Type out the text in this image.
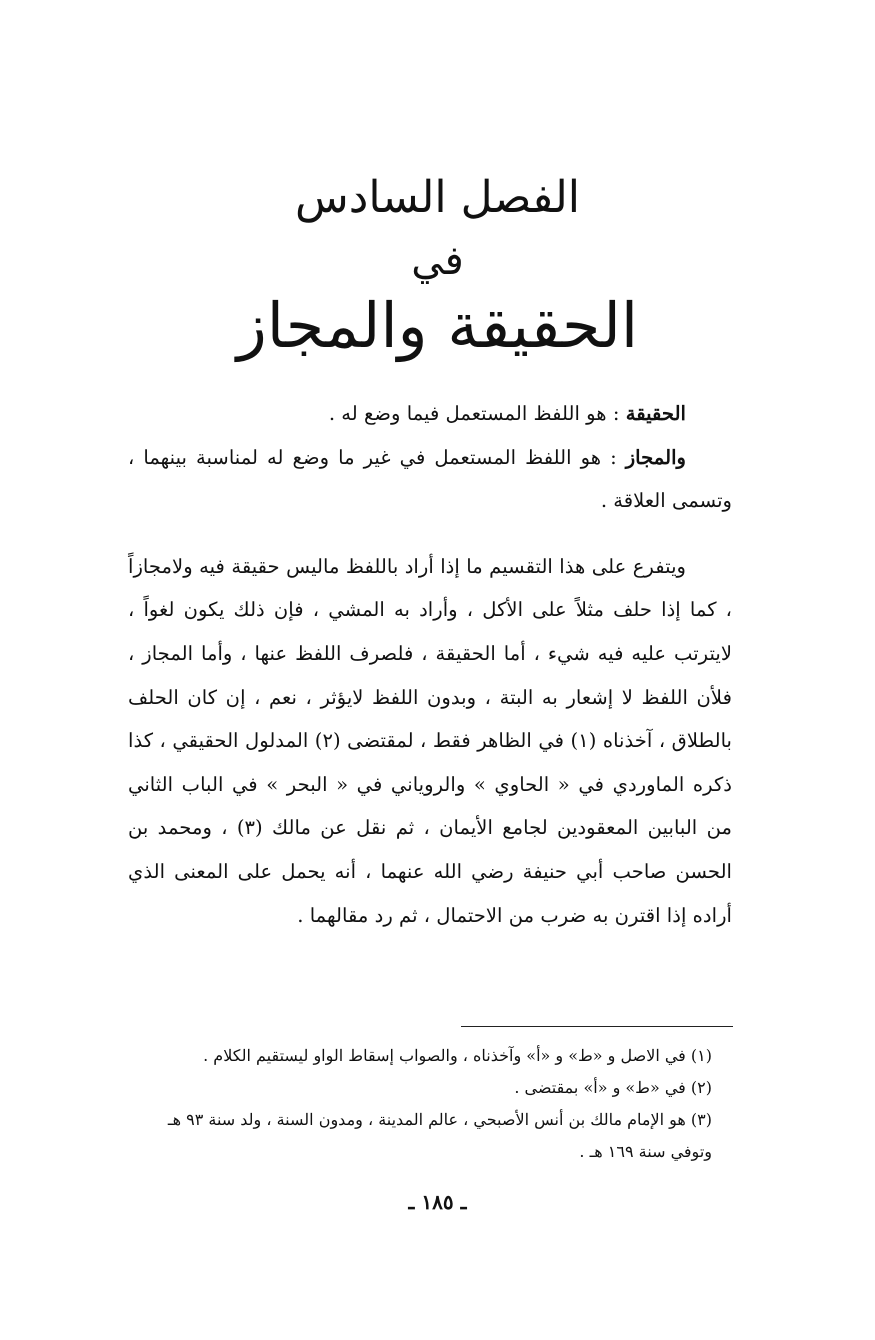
الفصل السادس
في
الحقيقة والمجاز

الحقيقة : هو اللفظ المستعمل فيما وضع له .

والمجاز : هو اللفظ المستعمل في غير ما وضع له لمناسبة بينهما ، وتسمى العلاقة .

ويتفرع على هذا التقسيم ما إذا أراد باللفظ ماليس حقيقة فيه ولامجازاً ، كما إذا حلف مثلاً على الأكل ، وأراد به المشي ، فإن ذلك يكون لغواً ، لايترتب عليه فيه شيء ، أما الحقيقة ، فلصرف اللفظ عنها ، وأما المجاز ، فلأن اللفظ لا إشعار به البتة ، وبدون اللفظ لايؤثر ، نعم ، إن كان الحلف بالطلاق ، آخذناه (١) في الظاهر فقط ، لمقتضى (٢) المدلول الحقيقي ، كذا ذكره الماوردي في « الحاوي » والروياني في « البحر » في الباب الثاني من البابين المعقودين لجامع الأيمان ، ثم نقل عن مالك (٣) ، ومحمد بن الحسن صاحب أبي حنيفة رضي الله عنهما ، أنه يحمل على المعنى الذي أراده إذا اقترن به ضرب من الاحتمال ، ثم رد مقالهما .

(١) في الاصل و «ط» و «أ» وآخذناه ، والصواب إسقاط الواو ليستقيم الكلام .

(٢) في «ط» و «أ» بمقتضى .

(٣) هو الإمام مالك بن أنس الأصبحي ، عالم المدينة ، ومدون السنة ، ولد سنة ٩٣ هـ وتوفي سنة ١٦٩ هـ .

ـ ١٨٥ ـ
